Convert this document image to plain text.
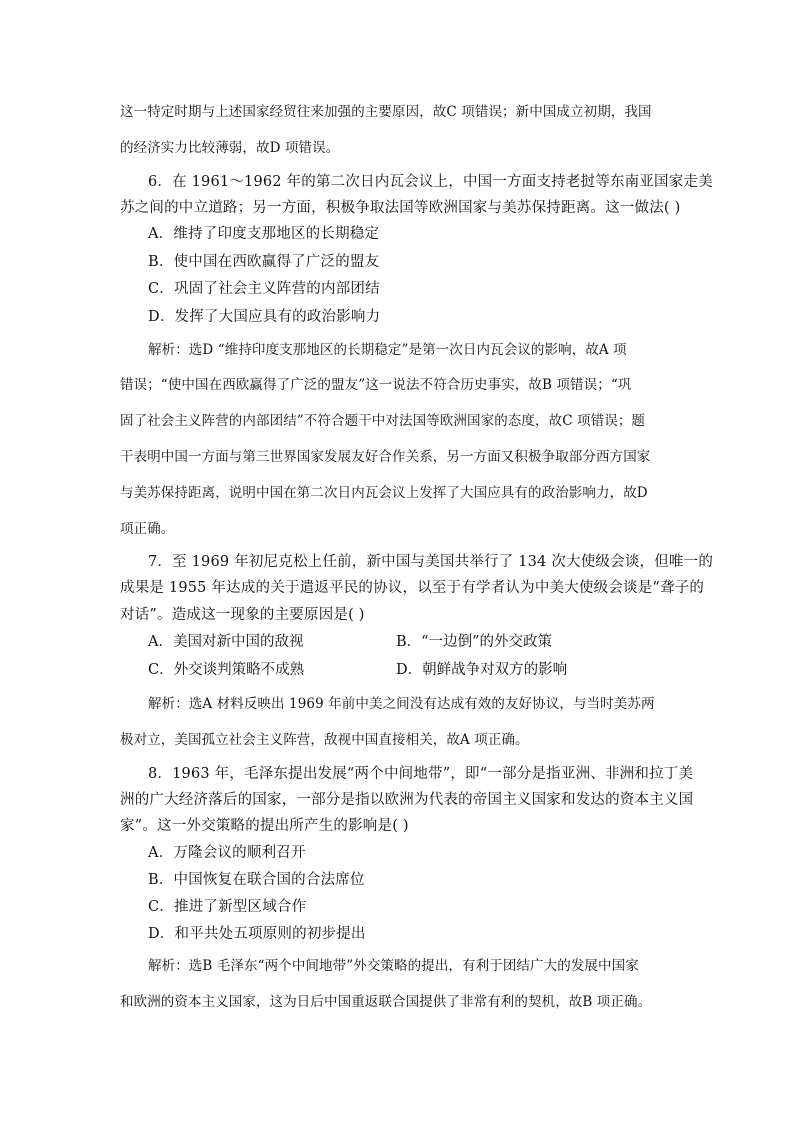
这一特定时期与上述国家经贸往来加强的主要原因，故C 项错误；新中国成立初期，我国
的经济实力比较薄弱，故D 项错误。
6．在 1961～1962 年的第二次日内瓦会议上，中国一方面支持老挝等东南亚国家走美
苏之间的中立道路；另一方面，积极争取法国等欧洲国家与美苏保持距离。这一做法( )
A．维持了印度支那地区的长期稳定
B．使中国在西欧赢得了广泛的盟友
C．巩固了社会主义阵营的内部团结
D．发挥了大国应具有的政治影响力
解析：选D “维持印度支那地区的长期稳定”是第一次日内瓦会议的影响，故A 项
错误；“使中国在西欧赢得了广泛的盟友”这一说法不符合历史事实，故B 项错误；“巩
固了社会主义阵营的内部团结”不符合题干中对法国等欧洲国家的态度，故C 项错误；题
干表明中国一方面与第三世界国家发展友好合作关系，另一方面又积极争取部分西方国家
与美苏保持距离，说明中国在第二次日内瓦会议上发挥了大国应具有的政治影响力，故D
项正确。
7．至 1969 年初尼克松上任前，新中国与美国共举行了 134 次大使级会谈，但唯一的
成果是 1955 年达成的关于遣返平民的协议，以至于有学者认为中美大使级会谈是“聋子的
对话”。造成这一现象的主要原因是( )
A．美国对新中国的敌视	B．“一边倒”的外交政策
C．外交谈判策略不成熟	D．朝鲜战争对双方的影响
解析：选A 材料反映出 1969 年前中美之间没有达成有效的友好协议，与当时美苏两
极对立，美国孤立社会主义阵营，敌视中国直接相关，故A 项正确。
8．1963 年，毛泽东提出发展“两个中间地带”，即“一部分是指亚洲、非洲和拉丁美
洲的广大经济落后的国家，一部分是指以欧洲为代表的帝国主义国家和发达的资本主义国
家”。这一外交策略的提出所产生的影响是( )
A．万隆会议的顺利召开
B．中国恢复在联合国的合法席位
C．推进了新型区域合作
D．和平共处五项原则的初步提出
解析：选B 毛泽东“两个中间地带”外交策略的提出，有利于团结广大的发展中国家
和欧洲的资本主义国家，这为日后中国重返联合国提供了非常有利的契机，故B 项正确。
